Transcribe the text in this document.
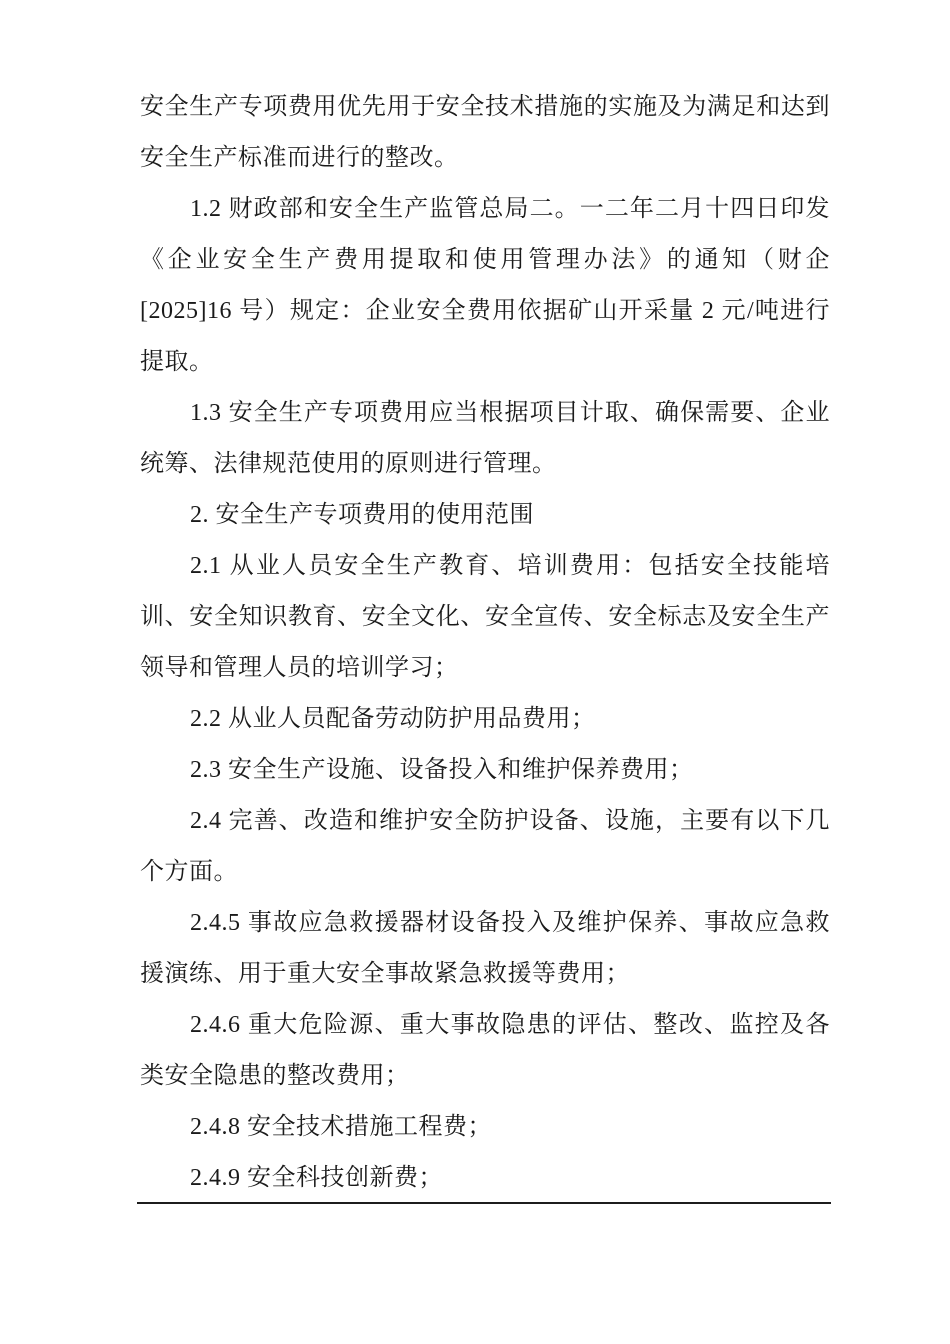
安全生产专项费用优先用于安全技术措施的实施及为满足和达到
安全生产标准而进行的整改。
1.2 财政部和安全生产监管总局二。一二年二月十四日印发
《企业安全生产费用提取和使用管理办法》的通知（财企
[2025]16 号）规定：企业安全费用依据矿山开采量 2 元/吨进行
提取。
1.3 安全生产专项费用应当根据项目计取、确保需要、企业
统筹、法律规范使用的原则进行管理。
2. 安全生产专项费用的使用范围
2.1 从业人员安全生产教育、培训费用：包括安全技能培
训、安全知识教育、安全文化、安全宣传、安全标志及安全生产
领导和管理人员的培训学习；
2.2 从业人员配备劳动防护用品费用；
2.3 安全生产设施、设备投入和维护保养费用；
2.4 完善、改造和维护安全防护设备、设施，主要有以下几
个方面。
2.4.5 事故应急救援器材设备投入及维护保养、事故应急救
援演练、用于重大安全事故紧急救援等费用；
2.4.6 重大危险源、重大事故隐患的评估、整改、监控及各
类安全隐患的整改费用；
2.4.8 安全技术措施工程费；
2.4.9 安全科技创新费；
